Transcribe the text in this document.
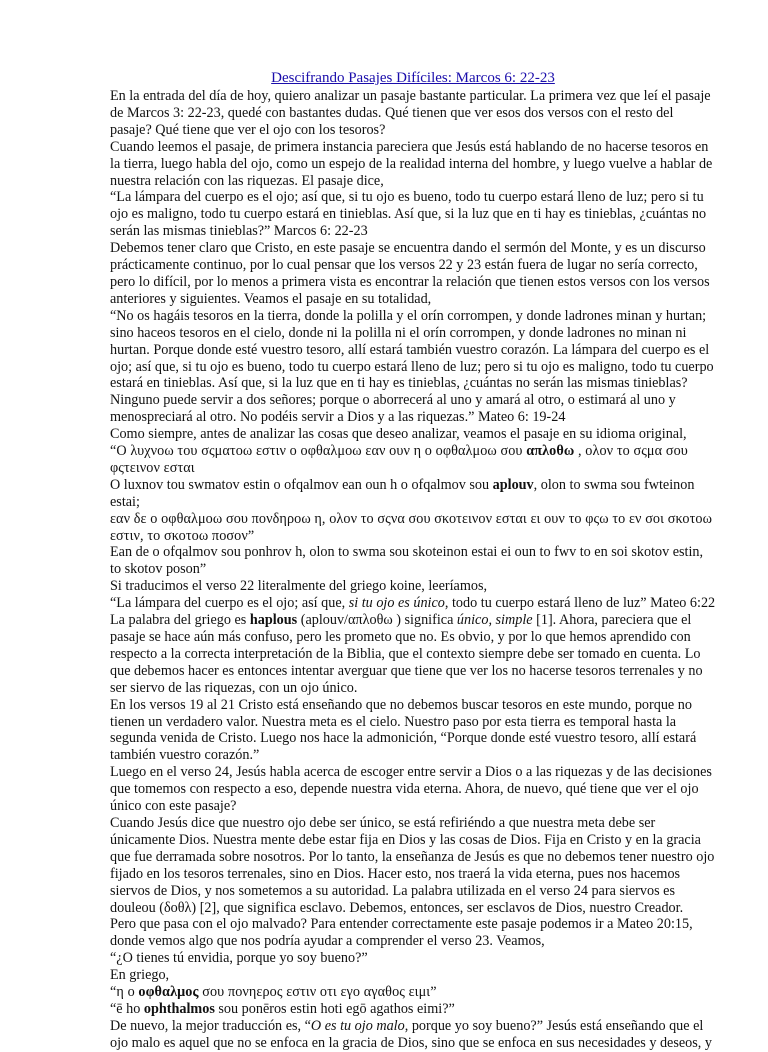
Descifrando Pasajes Difíciles: Marcos 6: 22-23

En la entrada del día de hoy, quiero analizar un pasaje bastante particular. La primera vez que leí el pasaje de Marcos 3: 22-23, quedé con bastantes dudas. Qué tienen que ver esos dos versos con el resto del pasaje? Qué tiene que ver el ojo con los tesoros?

Cuando leemos el pasaje, de primera instancia pareciera que Jesús está hablando de no hacerse tesoros en la tierra, luego habla del ojo, como un espejo de la realidad interna del hombre, y luego vuelve a hablar de nuestra relación con las riquezas. El pasaje dice,

“La lámpara del cuerpo es el ojo; así que, si tu ojo es bueno, todo tu cuerpo estará lleno de luz; pero si tu ojo es maligno, todo tu cuerpo estará en tinieblas. Así que, si la luz que en ti hay es tinieblas, ¿cuántas no serán las mismas tinieblas?” Marcos 6: 22-23

Debemos tener claro que Cristo, en este pasaje se encuentra dando el sermón del Monte, y es un discurso prácticamente continuo, por lo cual pensar que los versos 22 y 23 están fuera de lugar no sería correcto, pero lo difícil, por lo menos a primera vista es encontrar la relación que tienen estos versos con los versos anteriores y siguientes. Veamos el pasaje en su totalidad,

“No os hagáis tesoros en la tierra, donde la polilla y el orín corrompen, y donde ladrones minan y hurtan; sino haceos tesoros en el cielo, donde ni la polilla ni el orín corrompen, y donde ladrones no minan ni hurtan. Porque donde esté vuestro tesoro, allí estará también vuestro corazón. La lámpara del cuerpo es el ojo; así que, si tu ojo es bueno, todo tu cuerpo estará lleno de luz; pero si tu ojo es maligno, todo tu cuerpo estará en tinieblas. Así que, si la luz que en ti hay es tinieblas, ¿cuántas no serán las mismas tinieblas? Ninguno puede servir a dos señores; porque o aborrecerá al uno y amará al otro, o estimará al uno y menospreciará al otro. No podéis servir a Dios y a las riquezas.” Mateo 6: 19-24

Como siempre, antes de analizar las cosas que deseo analizar, veamos el pasaje en su idioma original,

“Ο λυχνοω του σςματοω εστιν ο οφθαλμοω εαν ουν η ο οφθαλμοω σου απλοθω , ολον το σςμα σου φςτεινον εσται

O luxnov tou swmatov estin o ofqalmov ean oun h o ofqalmov sou aplouv, olon to swma sou fwteinon estai;

εαν δε ο οφθαλμοω σου πονδηροω η, ολον το σςνα σου σκοτεινον εσται ει ουν το φςω το εν σοι σκοτοω εστιν, το σκοτοω ποσον”

Ean de o ofqalmov sou ponhrov h, olon to swma sou skoteinon estai ei oun to fwv to en soi skotov estin, to skotov poson”

Si traducimos el verso 22 literalmente del griego koine, leeríamos,

“La lámpara del cuerpo es el ojo; así que, si tu ojo es único, todo tu cuerpo estará lleno de luz” Mateo 6:22

La palabra del griego es haplous (aplouv/απλοθω ) significa único, simple [1]. Ahora, pareciera que el pasaje se hace aún más confuso, pero les prometo que no. Es obvio, y por lo que hemos aprendido con respecto a la correcta interpretación de la Biblia, que el contexto siempre debe ser tomado en cuenta. Lo que debemos hacer es entonces intentar averguar que tiene que ver los no hacerse tesoros terrenales y no ser siervo de las riquezas, con un ojo único.

En los versos 19 al 21 Cristo está enseñando que no debemos buscar tesoros en este mundo, porque no tienen un verdadero valor. Nuestra meta es el cielo. Nuestro paso por esta tierra es temporal hasta la segunda venida de Cristo. Luego nos hace la admonición, “Porque donde esté vuestro tesoro, allí estará también vuestro corazón.”

Luego en el verso 24, Jesús habla acerca de escoger entre servir a Dios o a las riquezas y de las decisiones que tomemos con respecto a eso, depende nuestra vida eterna. Ahora, de nuevo, qué tiene que ver el ojo único con este pasaje?

Cuando Jesús dice que nuestro ojo debe ser único, se está refiriéndo a que nuestra meta debe ser únicamente Dios. Nuestra mente debe estar fija en Dios y las cosas de Dios. Fija en Cristo y en la gracia que fue derramada sobre nosotros. Por lo tanto, la enseñanza de Jesús es que no debemos tener nuestro ojo fijado en los tesoros terrenales, sino en Dios. Hacer esto, nos traerá la vida eterna, pues nos hacemos siervos de Dios, y nos sometemos a su autoridad. La palabra utilizada en el verso 24 para siervos es douleou (δοθλ) [2], que significa esclavo. Debemos, entonces, ser esclavos de Dios, nuestro Creador.

Pero que pasa con el ojo malvado? Para entender correctamente este pasaje podemos ir a Mateo 20:15, donde vemos algo que nos podría ayudar a comprender el verso 23. Veamos,

“¿O tienes tú envidia, porque yo soy bueno?”

En griego,

“η ο οφθαλμος σου πονηερος εστιν οτι εγο αγαθος ειμι”

“ē ho ophthalmos sou ponēros estin hoti egō agathos eimi?”

De nuevo, la mejor traducción es, “O es tu ojo malo, porque yo soy bueno?” Jesús está enseñando que el ojo malo es aquel que no se enfoca en la gracia de Dios, sino que se enfoca en sus necesidades y deseos, y
